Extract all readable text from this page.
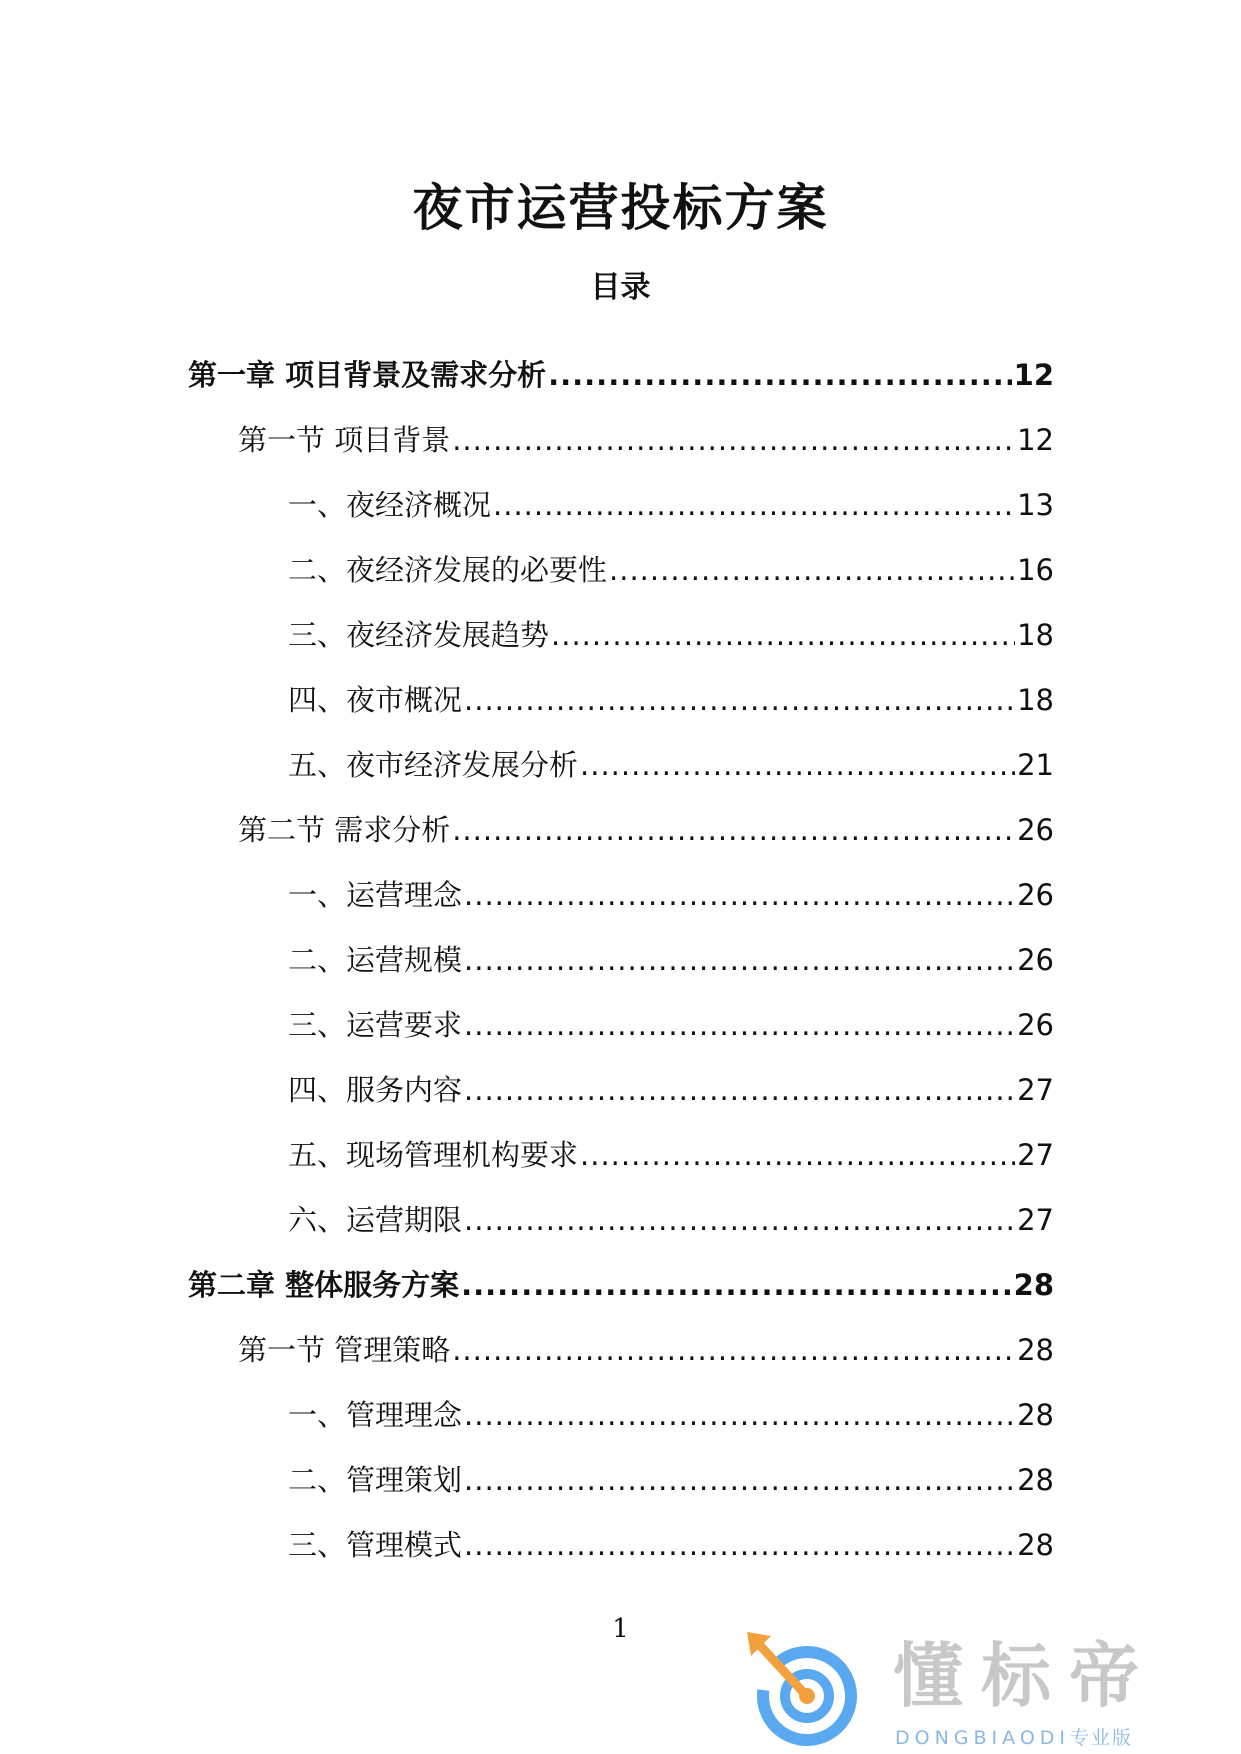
夜市运营投标方案
目录
第一章 项目背景及需求分析 .....	12
第一节 项目背景 .....	12
一、夜经济概况 .....	13
二、夜经济发展的必要性 .....	16
三、夜经济发展趋势 .....	18
四、夜市概况 .....	18
五、夜市经济发展分析 .....	21
第二节 需求分析 .....	26
一、运营理念 .....	26
二、运营规模 .....	26
三、运营要求 .....	26
四、服务内容 .....	27
五、现场管理机构要求 .....	27
六、运营期限 .....	27
第二章 整体服务方案 .....	28
第一节 管理策略 .....	28
一、管理理念 .....	28
二、管理策划 .....	28
三、管理模式 .....	28
1
懂标帝
DONGBIAODI专业版
